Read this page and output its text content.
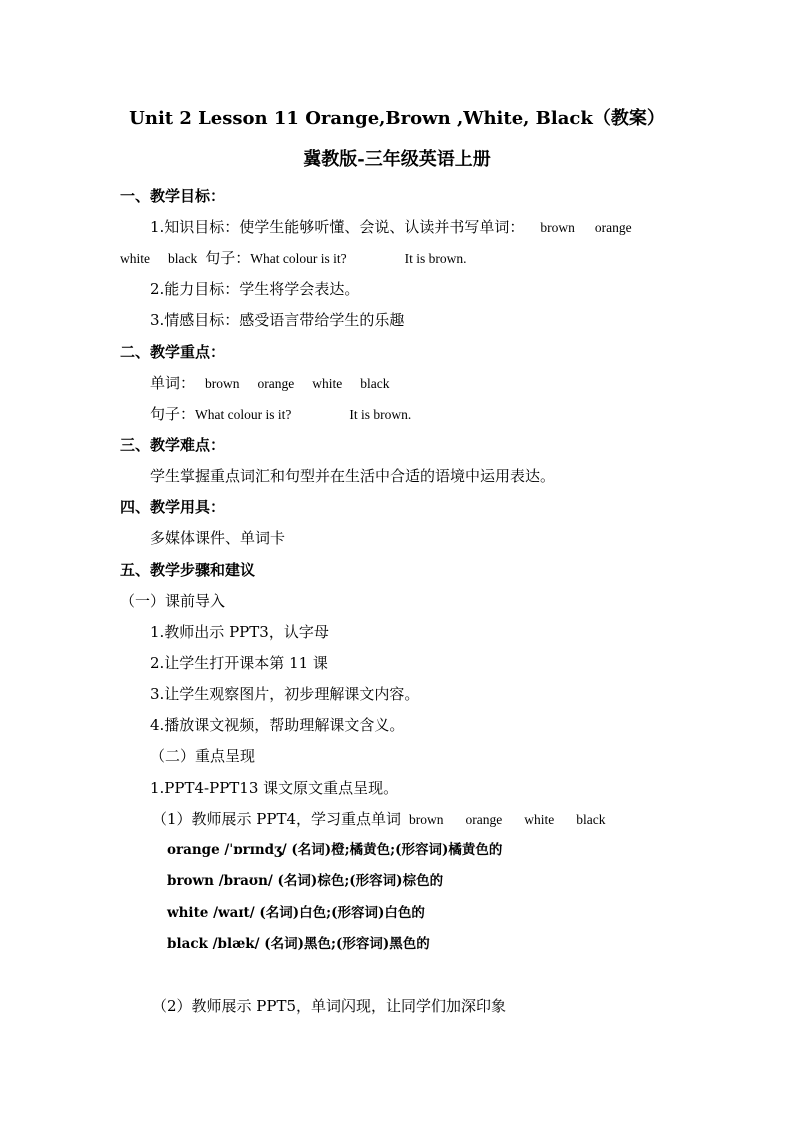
Unit 2 Lesson 11 Orange,Brown ,White, Black（教案）
冀教版-三年级英语上册
一、教学目标：
1.知识目标：使学生能够听懂、会说、认读并书写单词： brown orange
white black 句子：What colour is it?	It is brown.
2.能力目标：学生将学会表达。
3.情感目标：感受语言带给学生的乐趣
二、教学重点：
单词： brown orange white black
句子：What colour is it?	It is brown.
三、教学难点：
学生掌握重点词汇和句型并在生活中合适的语境中运用表达。
四、教学用具：
多媒体课件、单词卡
五、教学步骤和建议
（一）课前导入
1.教师出示 PPT3，认字母
2.让学生打开课本第 11 课
3.让学生观察图片，初步理解课文内容。
4.播放课文视频，帮助理解课文含义。
（二）重点呈现
1.PPT4-PPT13 课文原文重点呈现。
（1）教师展示 PPT4，学习重点单词 brown orange white black
orange /ˈɒrɪndʒ/ (名词)橙;橘黄色;(形容词)橘黄色的
brown /braʊn/ (名词)棕色;(形容词)棕色的
white /waɪt/ (名词)白色;(形容词)白色的
black /blæk/ (名词)黑色;(形容词)黑色的
（2）教师展示 PPT5，单词闪现，让同学们加深印象
